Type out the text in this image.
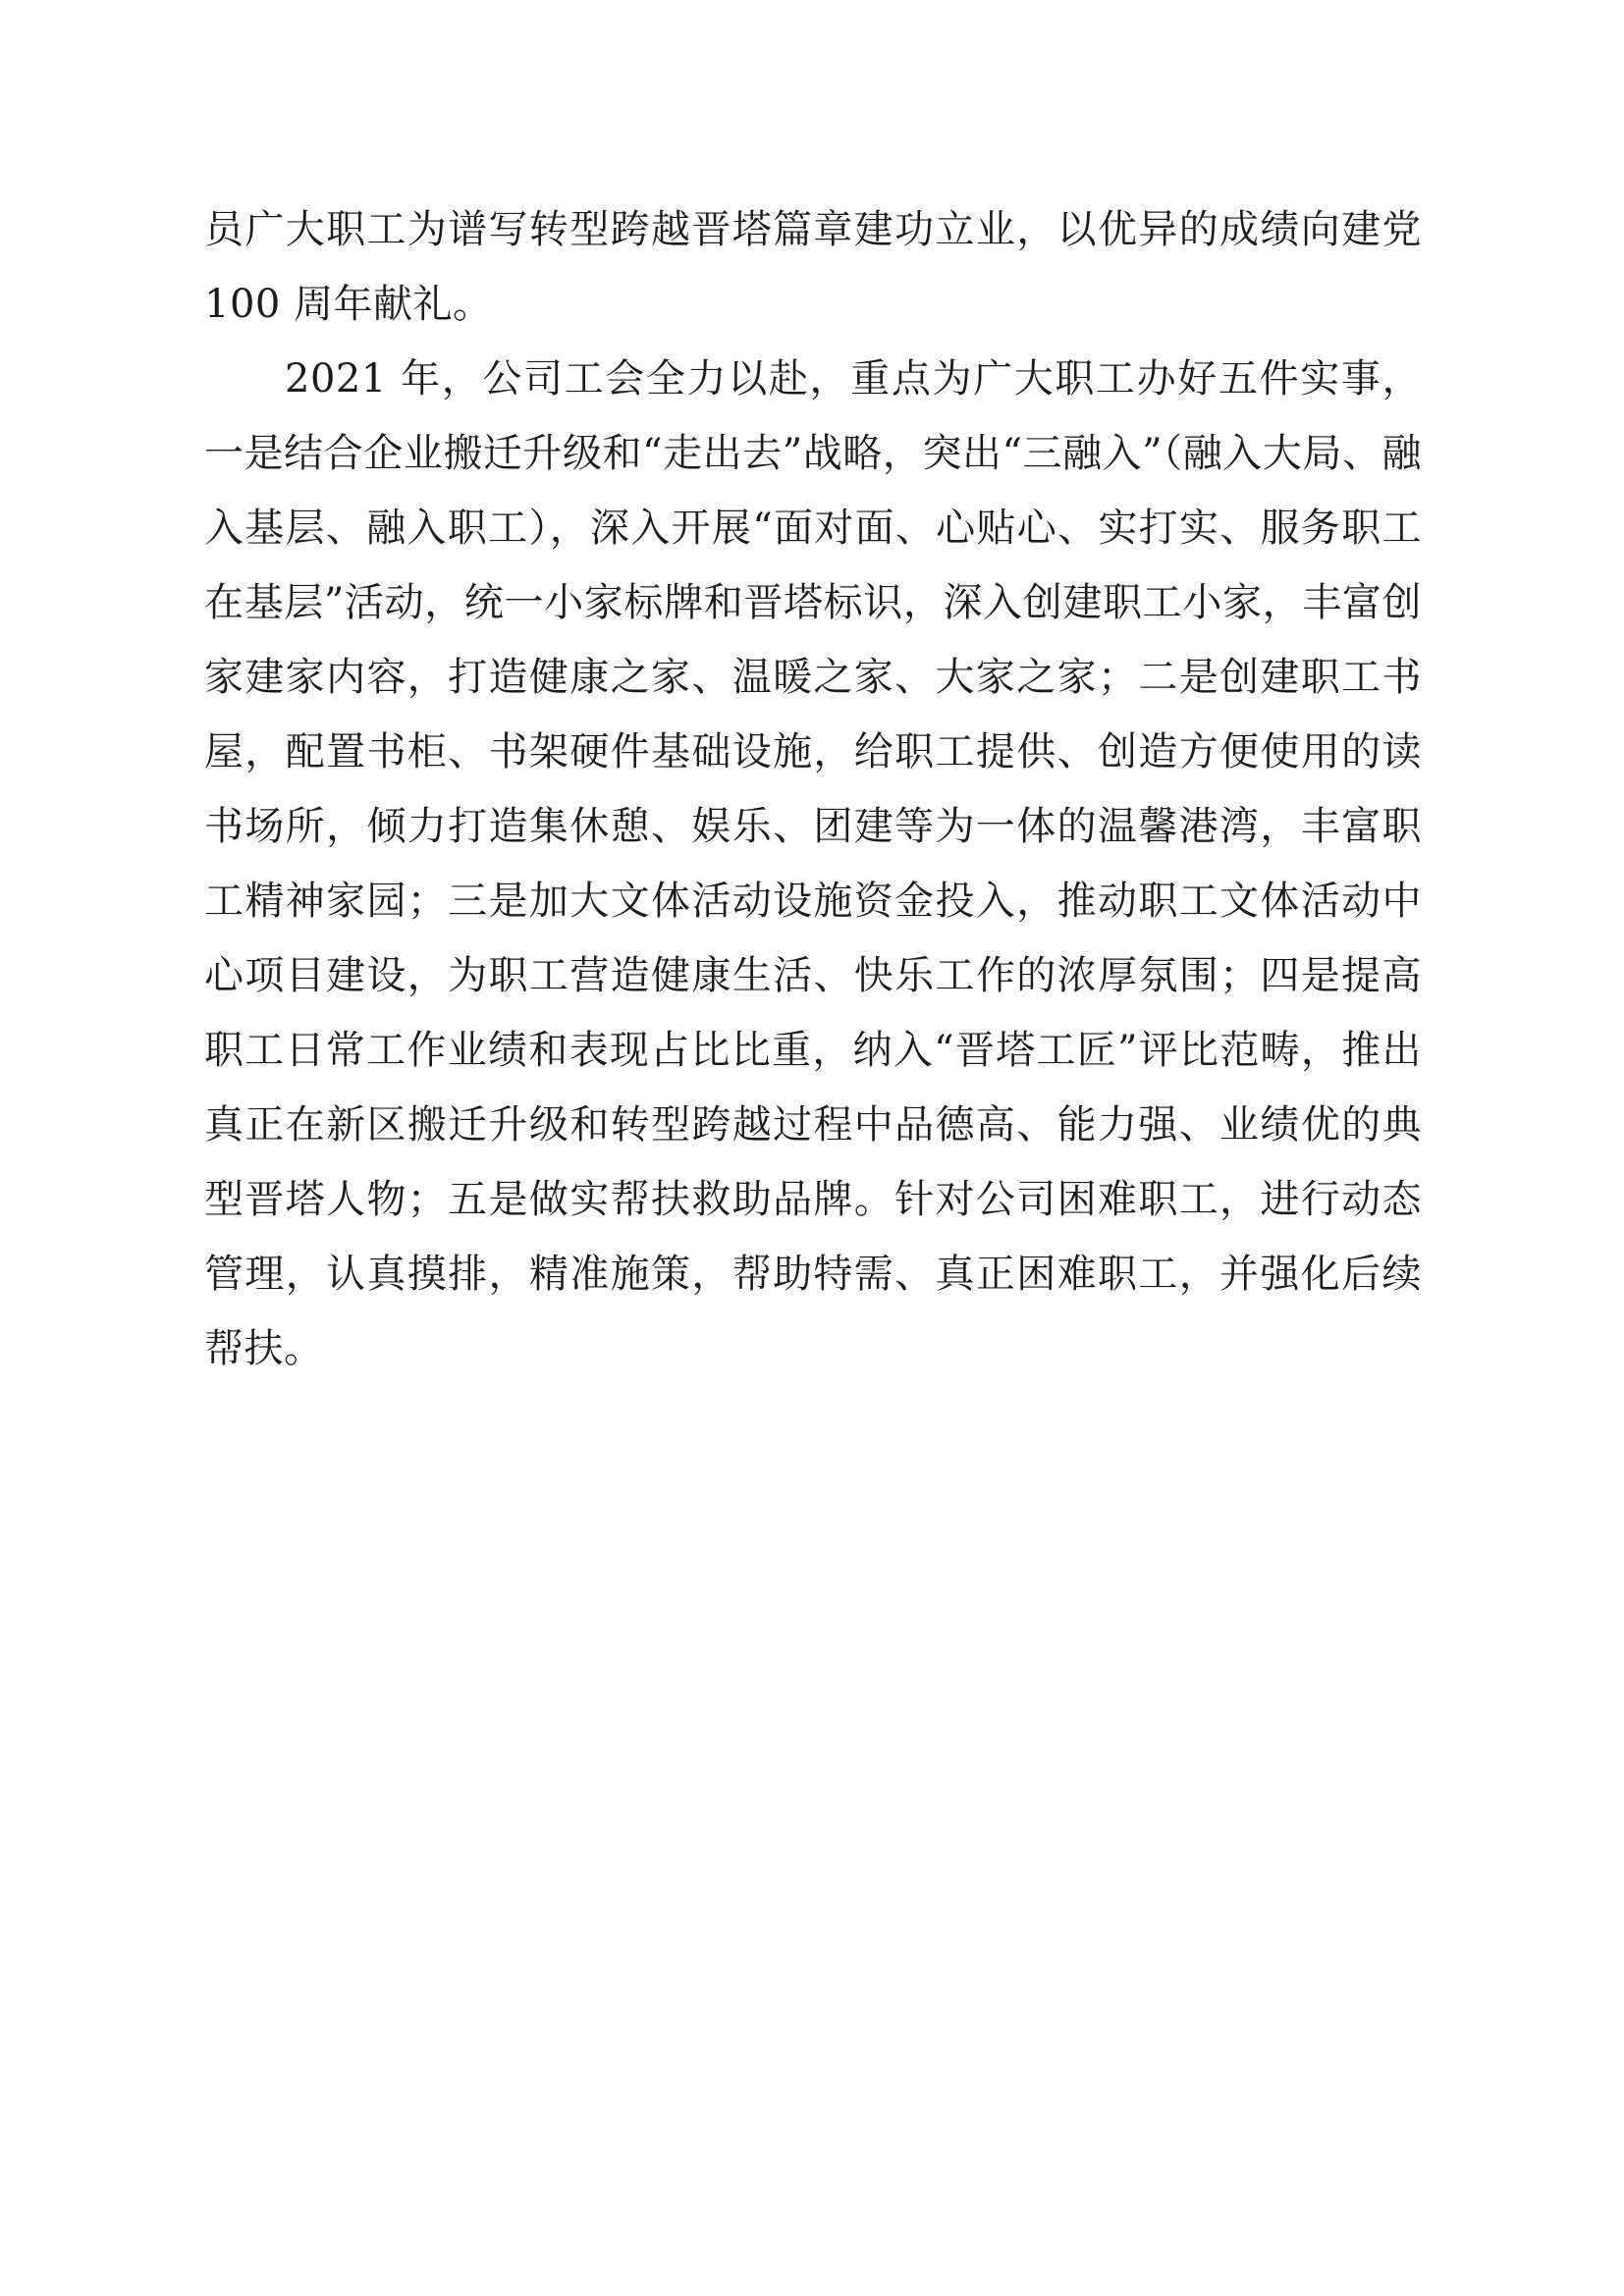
员广大职工为谱写转型跨越晋塔篇章建功立业，以优异的成绩向建党 100 周年献礼。

2021 年，公司工会全力以赴，重点为广大职工办好五件实事，一是结合企业搬迁升级和“走出去”战略，突出“三融入”（融入大局、融入基层、融入职工），深入开展“面对面、心贴心、实打实、服务职工在基层”活动，统一小家标牌和晋塔标识，深入创建职工小家，丰富创家建家内容，打造健康之家、温暖之家、大家之家；二是创建职工书屋，配置书柜、书架硬件基础设施，给职工提供、创造方便使用的读书场所，倾力打造集休憩、娱乐、团建等为一体的温馨港湾，丰富职工精神家园；三是加大文体活动设施资金投入，推动职工文体活动中心项目建设，为职工营造健康生活、快乐工作的浓厚氛围；四是提高职工日常工作业绩和表现占比比重，纳入“晋塔工匠”评比范畴，推出真正在新区搬迁升级和转型跨越过程中品德高、能力强、业绩优的典型晋塔人物；五是做实帮扶救助品牌。针对公司困难职工，进行动态管理，认真摸排，精准施策，帮助特需、真正困难职工，并强化后续帮扶。
